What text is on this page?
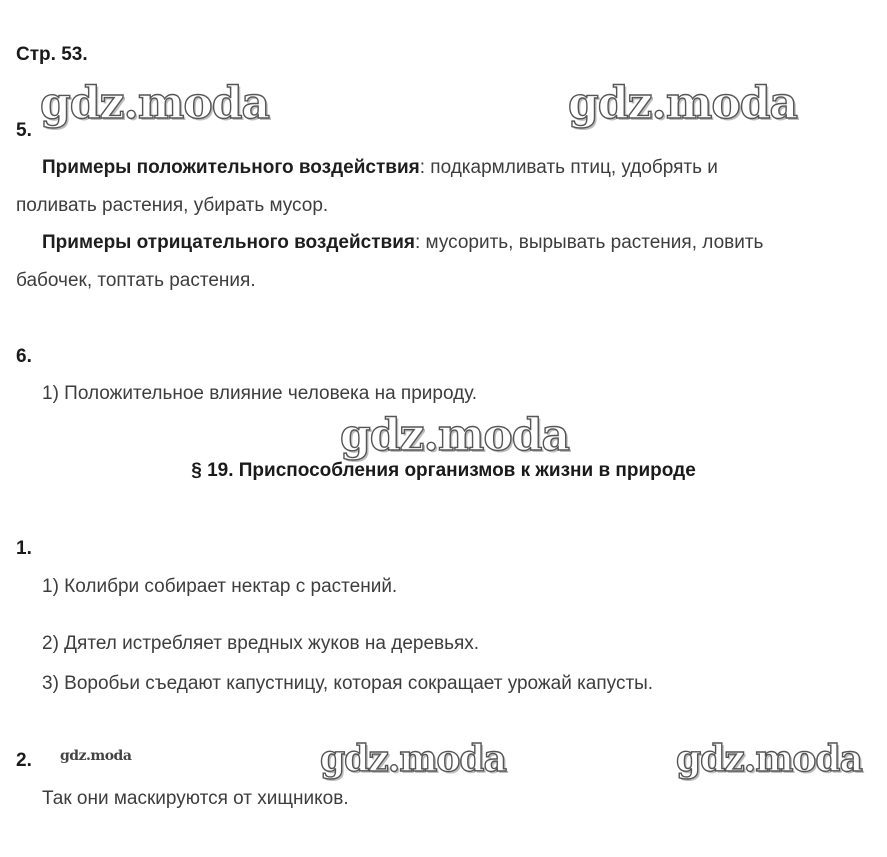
Стр. 53.
gdz.moda	gdz.moda
5.
Примеры положительного воздействия: подкармливать птиц, удобрять и
поливать растения, убирать мусор.
Примеры отрицательного воздействия: мусорить, вырывать растения, ловить
бабочек, топтать растения.
6.
1) Положительное влияние человека на природу.
gdz.moda
§ 19. Приспособления организмов к жизни в природе
1.
1) Колибри собирает нектар с растений.
2) Дятел истребляет вредных жуков на деревьях.
3) Воробьи съедают капустницу, которая сокращает урожай капусты.
2. gdz.moda	gdz.moda	gdz.moda
Так они маскируются от хищников.
